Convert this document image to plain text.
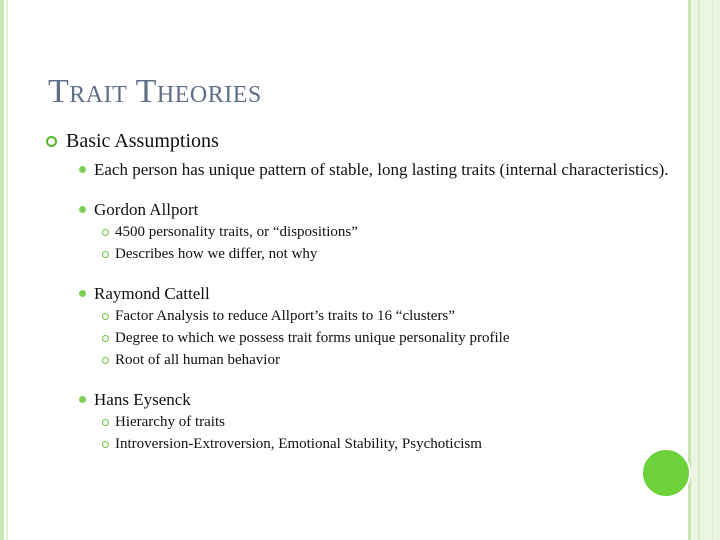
Trait Theories
Basic Assumptions
Each person has unique pattern of stable, long lasting traits (internal characteristics).
Gordon Allport
4500 personality traits, or “dispositions”
Describes how we differ, not why
Raymond Cattell
Factor Analysis to reduce Allport’s traits to 16 “clusters”
Degree to which we possess trait forms unique personality profile
Root of all human behavior
Hans Eysenck
Hierarchy of traits
Introversion-Extroversion, Emotional Stability, Psychoticism
